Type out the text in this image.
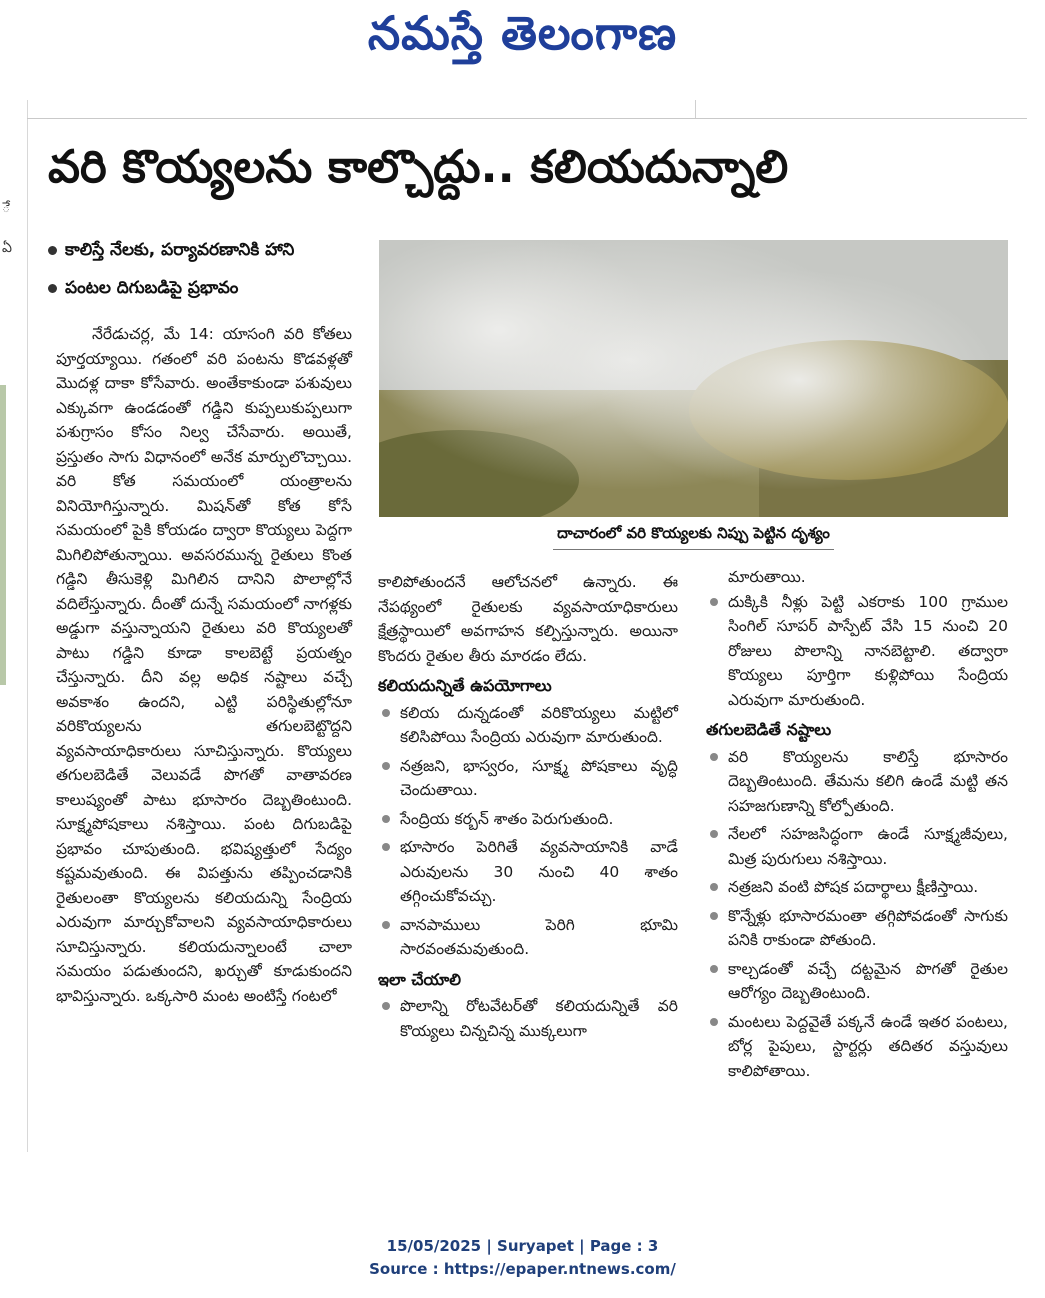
నమస్తే తెలంగాణ
ే
ఏ
వరి కొయ్యలను కాల్చొద్దు.. కలియదున్నాలి
కాలిస్తే నేలకు, పర్యావరణానికి హాని
పంటల దిగుబడిపై ప్రభావం
దాచారంలో వరి కొయ్యలకు నిప్పు పెట్టిన దృశ్యం

నేరేడుచర్ల, మే 14: యాసంగి వరి కోతలు పూర్తయ్యాయి. గతంలో వరి పంటను కొడవళ్లతో మొదళ్ల దాకా కోసేవారు. అంతేకాకుండా పశువులు ఎక్కువగా ఉండడంతో గడ్డిని కుప్పలుకుప్పలుగా పశుగ్రాసం కోసం నిల్వ చేసేవారు. అయితే, ప్రస్తుతం సాగు విధానంలో అనేక మార్పులొచ్చాయి. వరి కోత సమయంలో యంత్రాలను వినియోగిస్తున్నారు. మిషన్‌తో కోత కోసే సమయంలో పైకి కోయడం ద్వారా కొయ్యలు పెద్దగా మిగిలిపోతున్నాయి. అవసరమున్న రైతులు కొంత గడ్డిని తీసుకెళ్లి మిగిలిన దానిని పొలాల్లోనే వదిలేస్తున్నారు. దీంతో దున్నే సమయంలో నాగళ్లకు అడ్డుగా వస్తున్నాయని రైతులు వరి కొయ్యలతో పాటు గడ్డిని కూడా కాలబెట్టే ప్రయత్నం చేస్తున్నారు. దీని వల్ల అధిక నష్టాలు వచ్చే అవకాశం ఉందని, ఎట్టి పరిస్థితుల్లోనూ వరికొయ్యలను తగులబెట్టొద్దని వ్యవసాయాధికారులు సూచిస్తున్నారు. కొయ్యలు తగులబెడితే వెలువడే పొగతో వాతావరణ కాలుష్యంతో పాటు భూసారం దెబ్బతింటుంది. సూక్ష్మపోషకాలు నశిస్తాయి. పంట దిగుబడిపై ప్రభావం చూపుతుంది. భవిష్యత్తులో సేద్యం కష్టమవుతుంది. ఈ విపత్తును తప్పించడానికి రైతులంతా కొయ్యలను కలియదున్ని సేంద్రియ ఎరువుగా మార్చుకోవాలని వ్యవసాయాధికారులు సూచిస్తున్నారు. కలియదున్నాలంటే చాలా సమయం పడుతుందని, ఖర్చుతో కూడుకుందని భావిస్తున్నారు. ఒక్కసారి మంట అంటిస్తే గంటలో

కాలిపోతుందనే ఆలోచనలో ఉన్నారు. ఈ నేపథ్యంలో రైతులకు వ్యవసాయాధికారులు క్షేత్రస్థాయిలో అవగాహన కల్పిస్తున్నారు. అయినా కొందరు రైతుల తీరు మారడం లేదు.

కలియదున్నితే ఉపయోగాలు
కలియ దున్నడంతో వరికొయ్యలు మట్టిలో కలిసిపోయి సేంద్రియ ఎరువుగా మారుతుంది.
నత్రజని, భాస్వరం, సూక్ష్మ పోషకాలు వృద్ధి చెందుతాయి.
సేంద్రియ కర్బన్ శాతం పెరుగుతుంది.
భూసారం పెరిగితే వ్యవసాయానికి వాడే ఎరువులను 30 నుంచి 40 శాతం తగ్గించుకోవచ్చు.
వానపాములు పెరిగి భూమి సారవంతమవుతుంది.
ఇలా చేయాలి
పొలాన్ని రోటవేటర్‌తో కలియదున్నితే వరి కొయ్యలు చిన్నచిన్న ముక్కలుగా

మారుతాయి.

దుక్కికి నీళ్లు పెట్టి ఎకరాకు 100 గ్రాముల సింగిల్ సూపర్ పాస్పేట్ వేసి 15 నుంచి 20 రోజులు పొలాన్ని నానబెట్టాలి. తద్వారా కొయ్యలు పూర్తిగా కుళ్లిపోయి సేంద్రియ ఎరువుగా మారుతుంది.
తగులబెడితే నష్టాలు
వరి కొయ్యలను కాలిస్తే భూసారం దెబ్బతింటుంది. తేమను కలిగి ఉండే మట్టి తన సహజగుణాన్ని కోల్పోతుంది.
నేలలో సహజసిద్ధంగా ఉండే సూక్ష్మజీవులు, మిత్ర పురుగులు నశిస్తాయి.
నత్రజని వంటి పోషక పదార్థాలు క్షీణిస్తాయి.
కొన్నేళ్లు భూసారమంతా తగ్గిపోవడంతో సాగుకు పనికి రాకుండా పోతుంది.
కాల్చడంతో వచ్చే దట్టమైన పొగతో రైతుల ఆరోగ్యం దెబ్బతింటుంది.
మంటలు పెద్దవైతే పక్కనే ఉండే ఇతర పంటలు, బోర్ల పైపులు, స్టార్టర్లు తదితర వస్తువులు కాలిపోతాయి.
15/05/2025 | Suryapet | Page : 3
Source : https://epaper.ntnews.com/
